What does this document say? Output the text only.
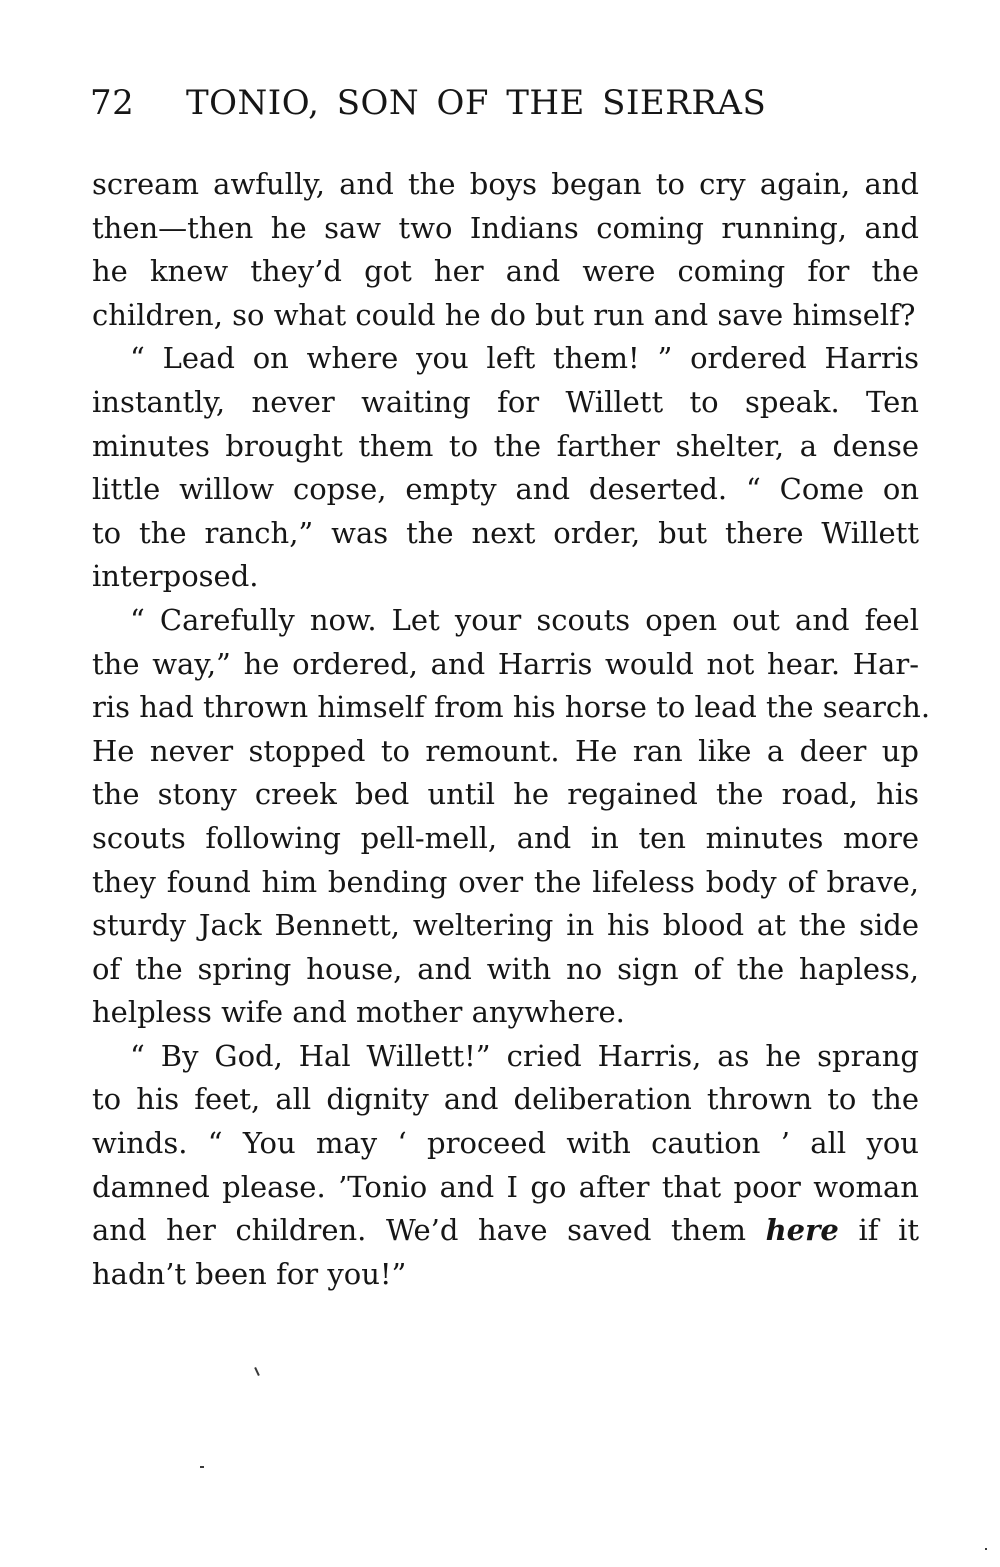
72 TONIO, SON OF THE SIERRAS
scream awfully, and the boys began to cry again, and
then—then he saw two Indians coming running, and
he knew they’d got her and were coming for the
children, so what could he do but run and save himself?
“ Lead on where you left them! ” ordered Harris
instantly, never waiting for Willett to speak. Ten
minutes brought them to the farther shelter, a dense
little willow copse, empty and deserted. “ Come on
to the ranch,” was the next order, but there Willett
interposed.
“ Carefully now. Let your scouts open out and feel
the way,” he ordered, and Harris would not hear. Har-
ris had thrown himself from his horse to lead the search.
He never stopped to remount. He ran like a deer up
the stony creek bed until he regained the road, his
scouts following pell-mell, and in ten minutes more
they found him bending over the lifeless body of brave,
sturdy Jack Bennett, weltering in his blood at the side
of the spring house, and with no sign of the hapless,
helpless wife and mother anywhere.
“ By God, Hal Willett!” cried Harris, as he sprang
to his feet, all dignity and deliberation thrown to the
winds. “ You may ‘ proceed with caution ’ all you
damned please. ’Tonio and I go after that poor woman
and her children. We’d have saved them here if it
hadn’t been for you!”
